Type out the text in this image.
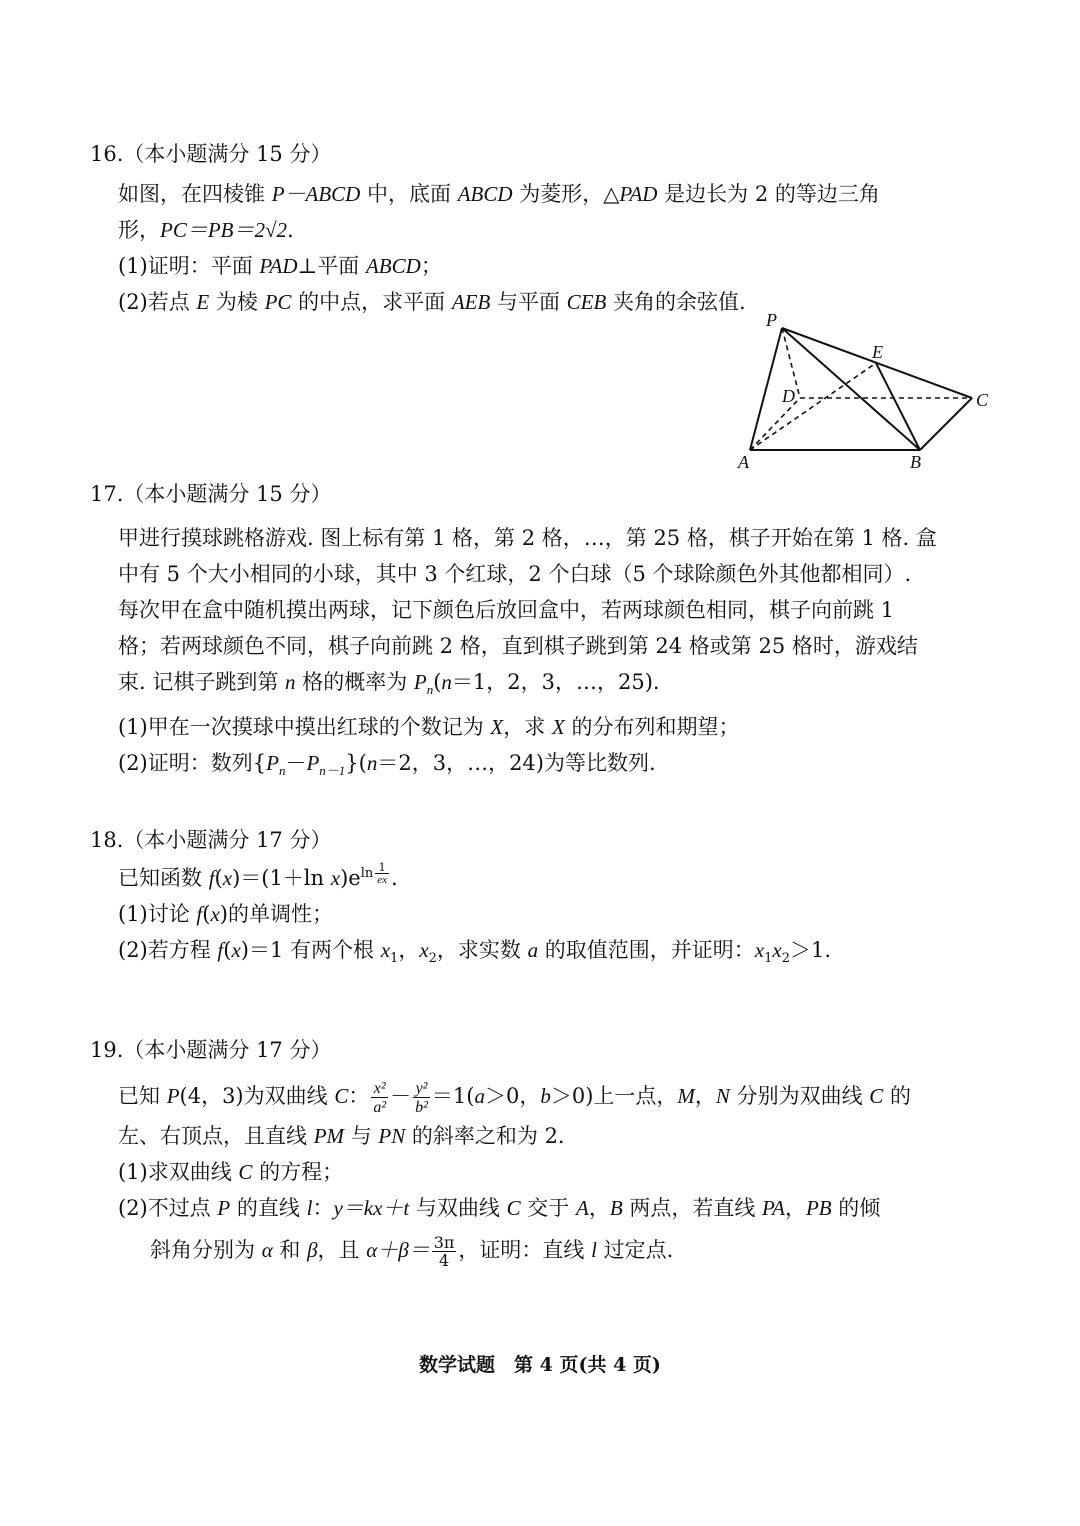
16.（本小题满分 15 分）
如图，在四棱锥 P－ABCD 中，底面 ABCD 为菱形，△PAD 是边长为 2 的等边三角
形，PC＝PB＝2√2.
(1)证明：平面 PAD⊥平面 ABCD；
(2)若点 E 为棱 PC 的中点，求平面 AEB 与平面 CEB 夹角的余弦值.
P
E
D	C
A	B
17.（本小题满分 15 分）
甲进行摸球跳格游戏. 图上标有第 1 格，第 2 格，…，第 25 格，棋子开始在第 1 格. 盒
中有 5 个大小相同的小球，其中 3 个红球，2 个白球（5 个球除颜色外其他都相同）.
每次甲在盒中随机摸出两球，记下颜色后放回盒中，若两球颜色相同，棋子向前跳 1
格；若两球颜色不同，棋子向前跳 2 格，直到棋子跳到第 24 格或第 25 格时，游戏结
束. 记棋子跳到第 n 格的概率为 $P_n(n=1$，2，3，…，25).
(1)甲在一次摸球中摸出红球的个数记为 X，求 X 的分布列和期望；
(2)证明：数列$\{P_n-P_{n-1}\}(n=2$，3，…，24)为等比数列.
18.（本小题满分 17 分）
已知函数 f(x)＝(1＋ln $x)e^{ln \frac{1}{ex}}$ .
(1)讨论 f(x)的单调性；
(2)若方程 f(x)＝1 有两个根 $x_1$，$x_2$，求实数 a 的取值范围，并证明：$x_1x_2>1$.
19.（本小题满分 17 分）
已知 P(4，3)为双曲线 C： $\frac{\text{x²}}{\text{a²}} - \frac{\text{y²}}{\text{b²}} =1(a>0$，b＞0)上一点，M，N 分别为双曲线 C 的
左、右顶点，且直线 PM 与 PN 的斜率之和为 2.
(1)求双曲线 C 的方程；
(2)不过点 P 的直线 l：y＝kx＋t 与双曲线 C 交于 A，B 两点，若直线 PA，PB 的倾
斜角分别为 α 和 β，且 $\alpha+\beta= \frac{3\pi}{4}$ ，证明：直线 l 过定点.
数学试题　第 4 页(共 4 页)
